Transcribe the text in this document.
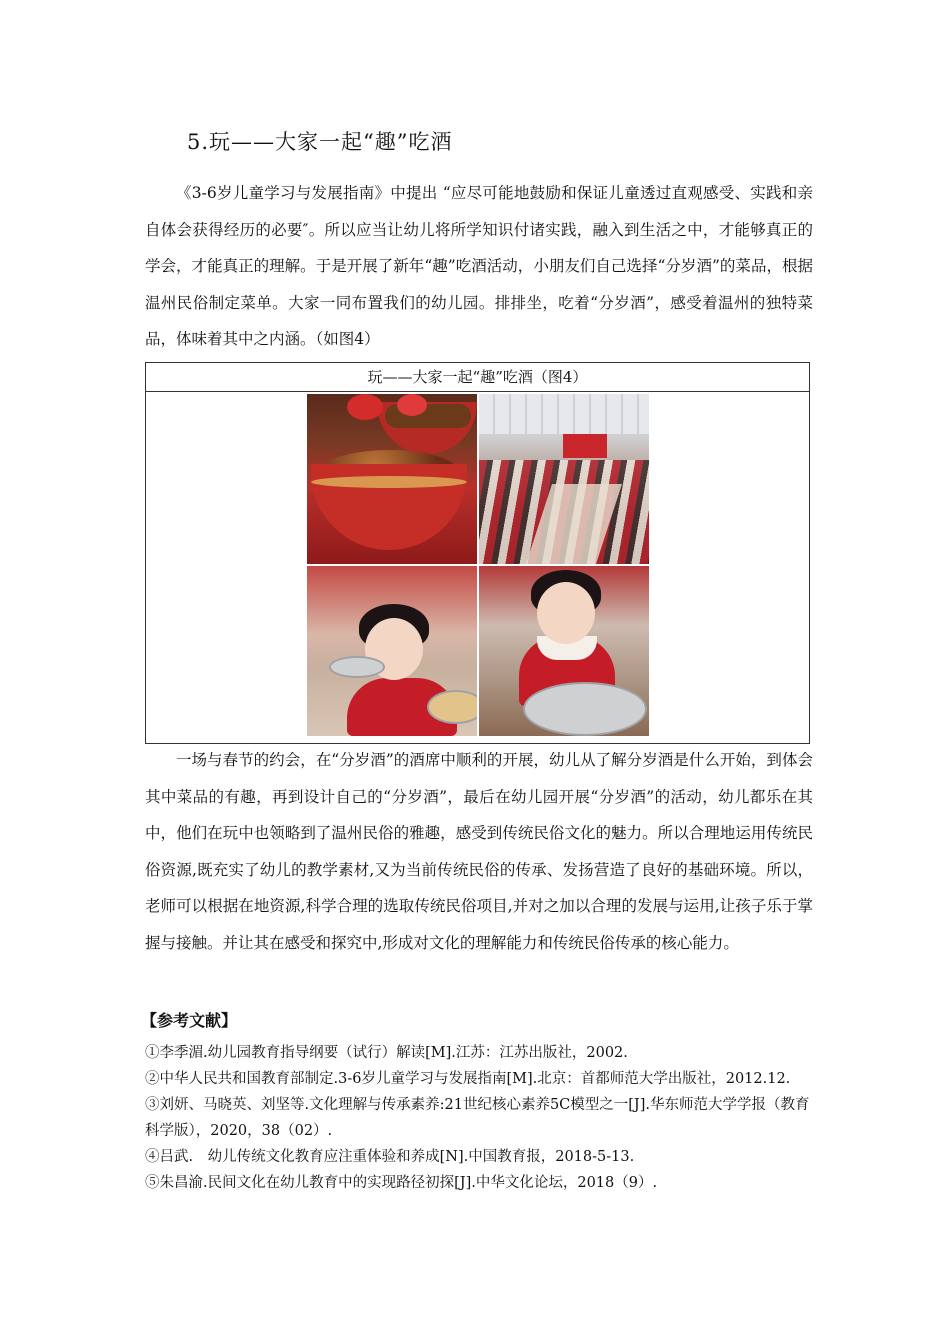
5.玩——大家一起“趣”吃酒
《3-6岁儿童学习与发展指南》中提出 “应尽可能地鼓励和保证儿童透过直观感受、实践和亲自体会获得经历的必要″。所以应当让幼儿将所学知识付诸实践，融入到生活之中，才能够真正的学会，才能真正的理解。于是开展了新年“趣”吃酒活动，小朋友们自己选择“分岁酒”的菜品，根据温州民俗制定菜单。大家一同布置我们的幼儿园。排排坐，吃着“分岁酒”，感受着温州的独特菜品，体味着其中之内涵。（如图4）
玩——大家一起“趣”吃酒（图4）
一场与春节的约会，在“分岁酒”的酒席中顺利的开展，幼儿从了解分岁酒是什么开始，到体会其中菜品的有趣，再到设计自己的“分岁酒”，最后在幼儿园开展“分岁酒”的活动，幼儿都乐在其中，他们在玩中也领略到了温州民俗的雅趣，感受到传统民俗文化的魅力。所以合理地运用传统民俗资源,既充实了幼儿的教学素材,又为当前传统民俗的传承、发扬营造了良好的基础环境。所以，老师可以根据在地资源,科学合理的选取传统民俗项目,并对之加以合理的发展与运用,让孩子乐于掌握与接触。并让其在感受和探究中,形成对文化的理解能力和传统民俗传承的核心能力。
【参考文献】
①李季湄.幼儿园教育指导纲要（试行）解读[M].江苏：江苏出版社，2002.
②中华人民共和国教育部制定.3-6岁儿童学习与发展指南[M].北京：首都师范大学出版社，2012.12.
③刘妍、马晓英、刘坚等.文化理解与传承素养:21世纪核心素养5C模型之一[J].华东师范大学学报（教育科学版），2020，38（02）.
④吕武.　幼儿传统文化教育应注重体验和养成[N].中国教育报，2018-5-13.
⑤朱昌渝.民间文化在幼儿教育中的实现路径初探[J].中华文化论坛，2018（9）.
